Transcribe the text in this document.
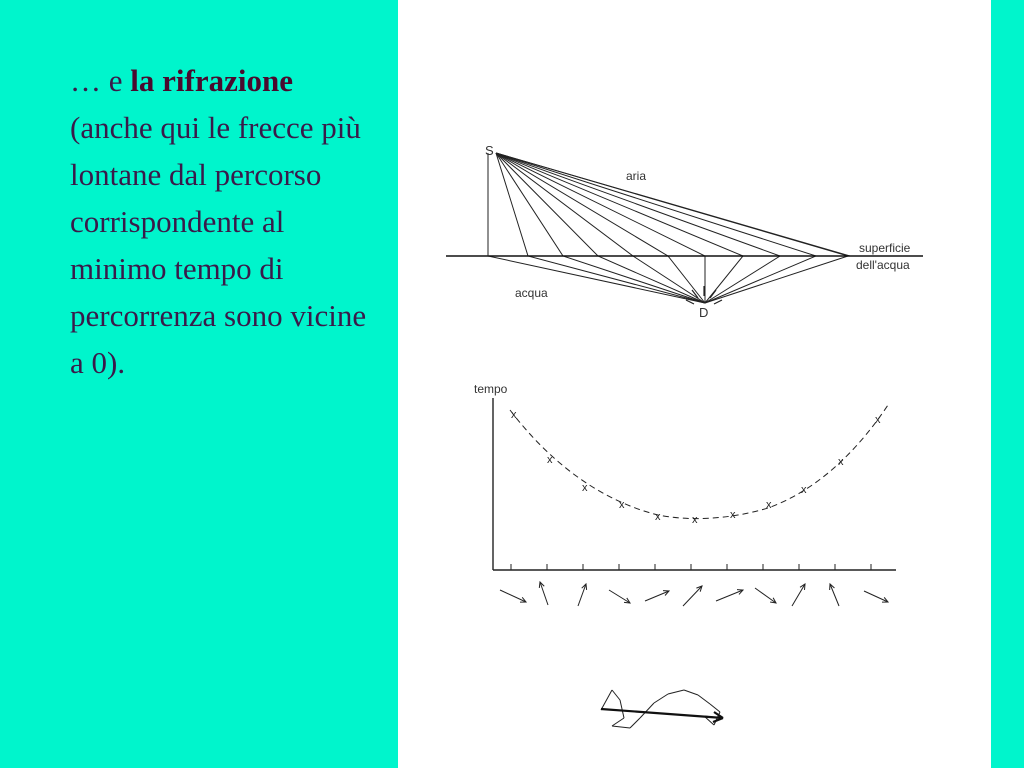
… e la rifrazione (anche qui le frecce più lontane dal percorso corrispondente al minimo tempo di percorrenza sono vicine a 0).
S
D
aria
acqua
superficie
dell'acqua
tempo
x
x
x
x
x	x	x
x
x
x
x
